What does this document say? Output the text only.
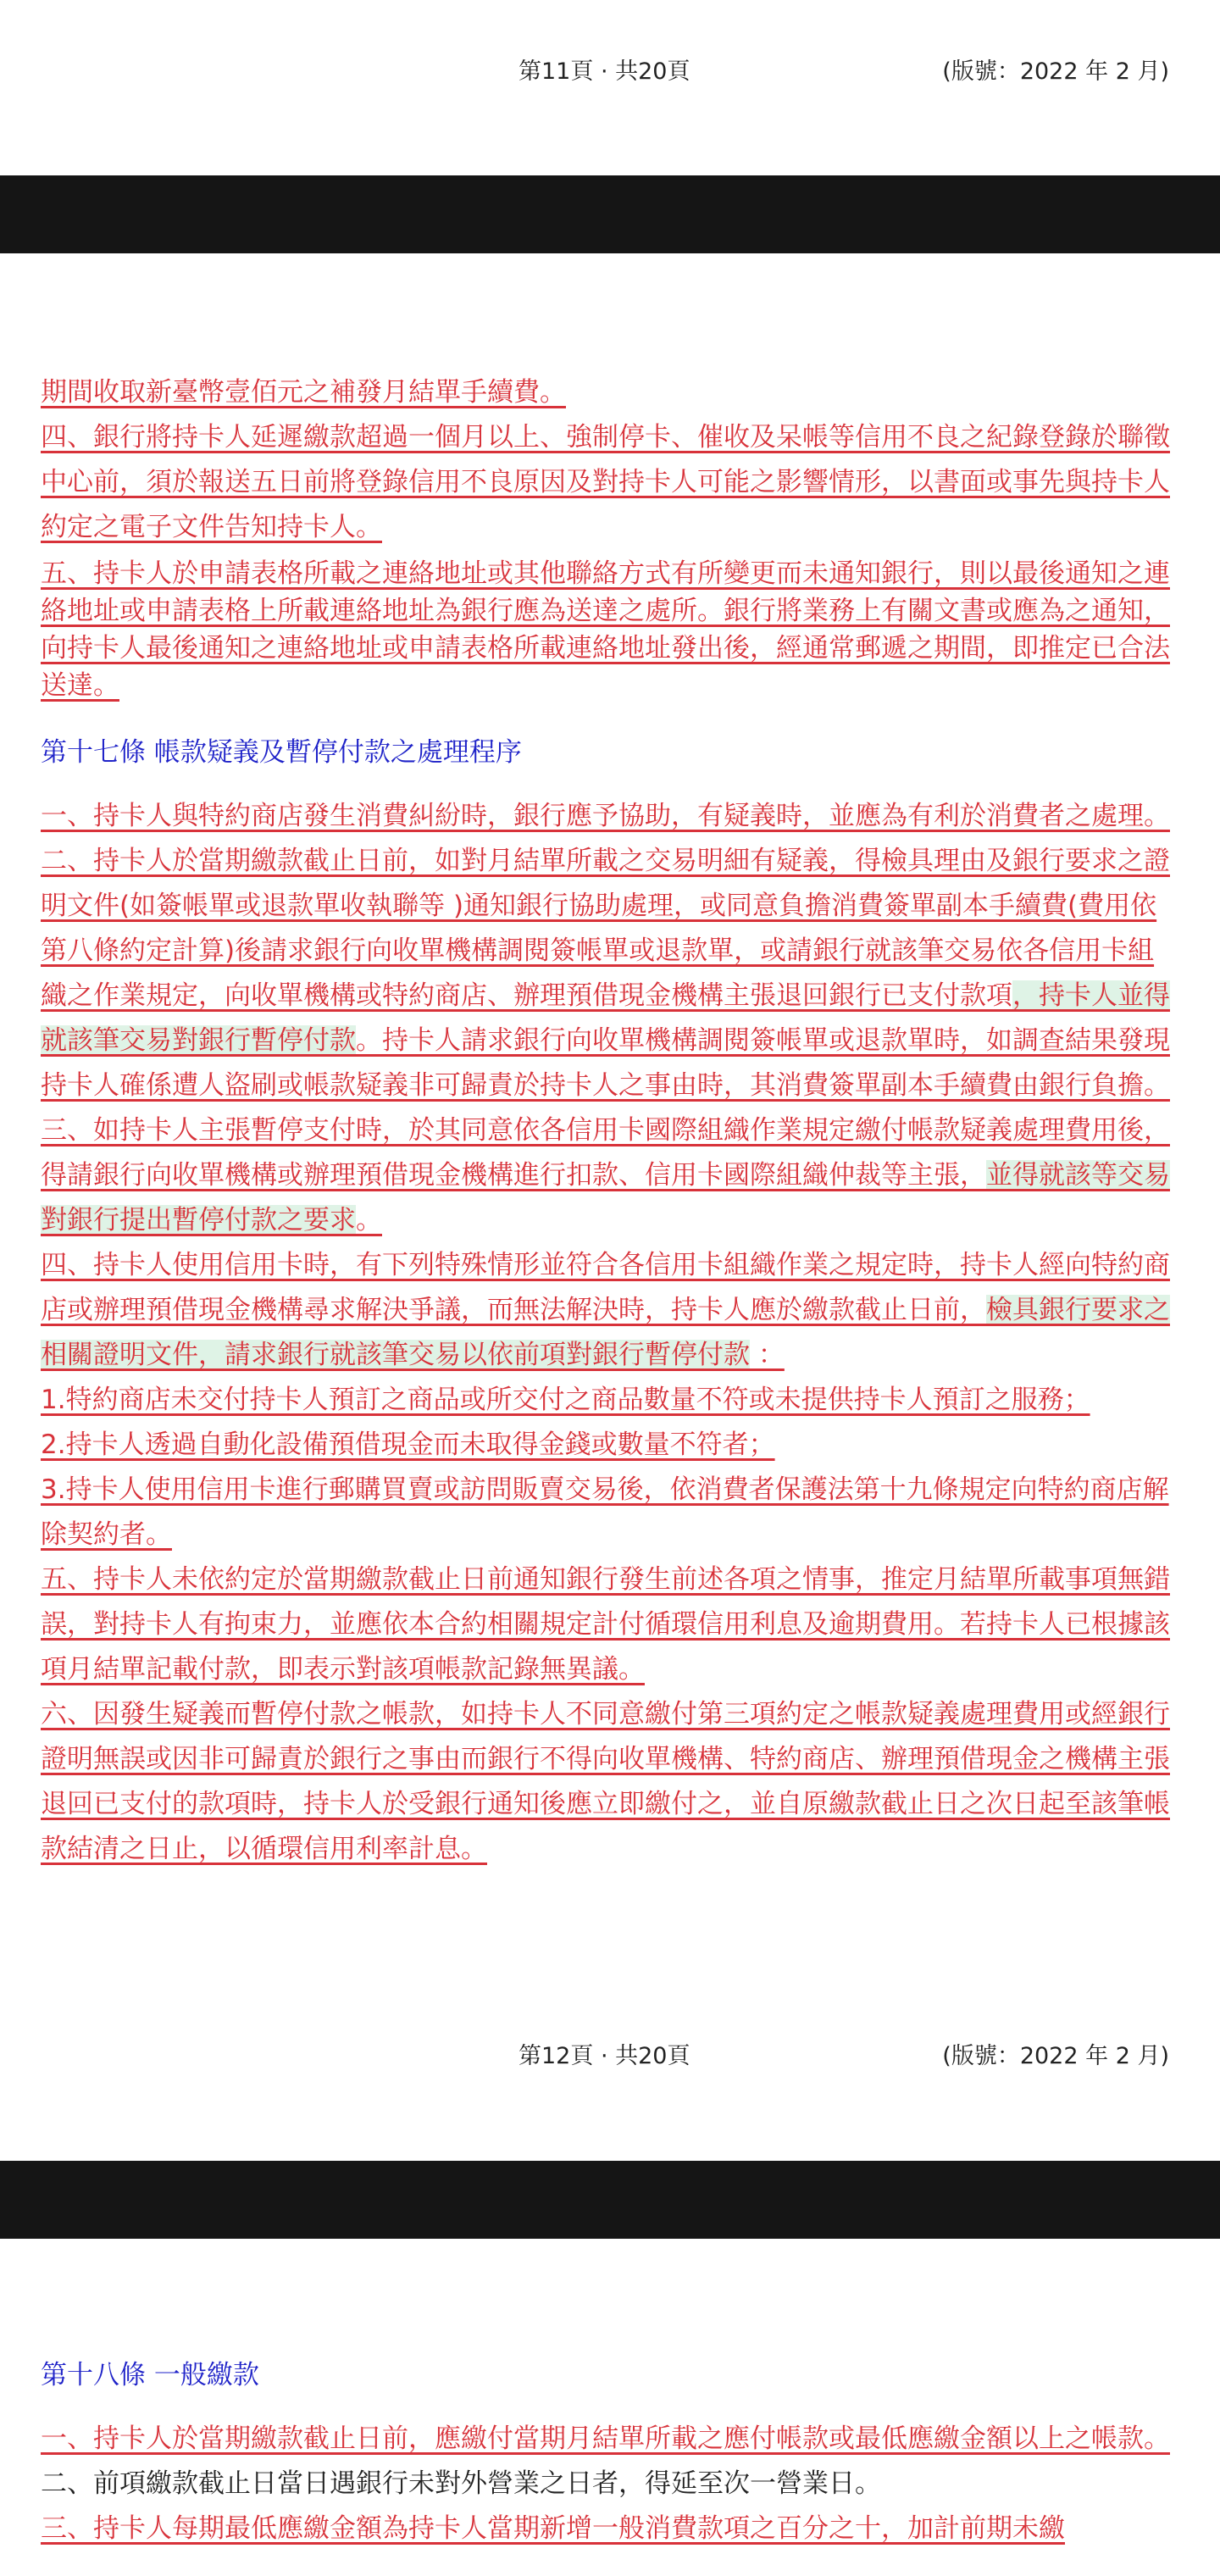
第11頁 · 共20頁	(版號：2022 年 2 月)

期間收取新臺幣壹佰元之補發月結單手續費。

四、銀行將持卡人延遲繳款超過一個月以上、強制停卡、催收及呆帳等信用不良之紀錄登錄於聯徵中心前，須於報送五日前將登錄信用不良原因及對持卡人可能之影響情形，以書面或事先與持卡人約定之電子文件告知持卡人。

五、持卡人於申請表格所載之連絡地址或其他聯絡方式有所變更而未通知銀行，則以最後通知之連絡地址或申請表格上所載連絡地址為銀行應為送達之處所。銀行將業務上有關文書或應為之通知，向持卡人最後通知之連絡地址或申請表格所載連絡地址發出後，經通常郵遞之期間，即推定已合法送達。

第十七條 帳款疑義及暫停付款之處理程序

一、持卡人與特約商店發生消費糾紛時，銀行應予協助，有疑義時，並應為有利於消費者之處理。

二、持卡人於當期繳款截止日前，如對月結單所載之交易明細有疑義，得檢具理由及銀行要求之證明文件(如簽帳單或退款單收執聯等 )通知銀行協助處理，或同意負擔消費簽單副本手續費(費用依第八條約定計算)後請求銀行向收單機構調閱簽帳單或退款單，或請銀行就該筆交易依各信用卡組織之作業規定，向收單機構或特約商店、辦理預借現金機構主張退回銀行已支付款項，持卡人並得就該筆交易對銀行暫停付款。持卡人請求銀行向收單機構調閱簽帳單或退款單時，如調查結果發現持卡人確係遭人盜刷或帳款疑義非可歸責於持卡人之事由時，其消費簽單副本手續費由銀行負擔。

三、如持卡人主張暫停支付時，於其同意依各信用卡國際組織作業規定繳付帳款疑義處理費用後，得請銀行向收單機構或辦理預借現金機構進行扣款、信用卡國際組織仲裁等主張，並得就該等交易對銀行提出暫停付款之要求。

四、持卡人使用信用卡時，有下列特殊情形並符合各信用卡組織作業之規定時，持卡人經向特約商店或辦理預借現金機構尋求解決爭議，而無法解決時，持卡人應於繳款截止日前，檢具銀行要求之相關證明文件，請求銀行就該筆交易以依前項對銀行暫停付款 ：

1.特約商店未交付持卡人預訂之商品或所交付之商品數量不符或未提供持卡人預訂之服務；

2.持卡人透過自動化設備預借現金而未取得金錢或數量不符者；

3.持卡人使用信用卡進行郵購買賣或訪問販賣交易後，依消費者保護法第十九條規定向特約商店解除契約者。

五、持卡人未依約定於當期繳款截止日前通知銀行發生前述各項之情事，推定月結單所載事項無錯誤，對持卡人有拘束力，並應依本合約相關規定計付循環信用利息及逾期費用。若持卡人已根據該項月結單記載付款，即表示對該項帳款記錄無異議。

六、因發生疑義而暫停付款之帳款，如持卡人不同意繳付第三項約定之帳款疑義處理費用或經銀行證明無誤或因非可歸責於銀行之事由而銀行不得向收單機構、特約商店、辦理預借現金之機構主張退回已支付的款項時，持卡人於受銀行通知後應立即繳付之，並自原繳款截止日之次日起至該筆帳款結清之日止，以循環信用利率計息。

第12頁 · 共20頁	(版號：2022 年 2 月)

第十八條 一般繳款

一、持卡人於當期繳款截止日前，應繳付當期月結單所載之應付帳款或最低應繳金額以上之帳款。

二、前項繳款截止日當日遇銀行未對外營業之日者，得延至次一營業日。

三、持卡人每期最低應繳金額為持卡人當期新增一般消費款項之百分之十，加計前期未繳
